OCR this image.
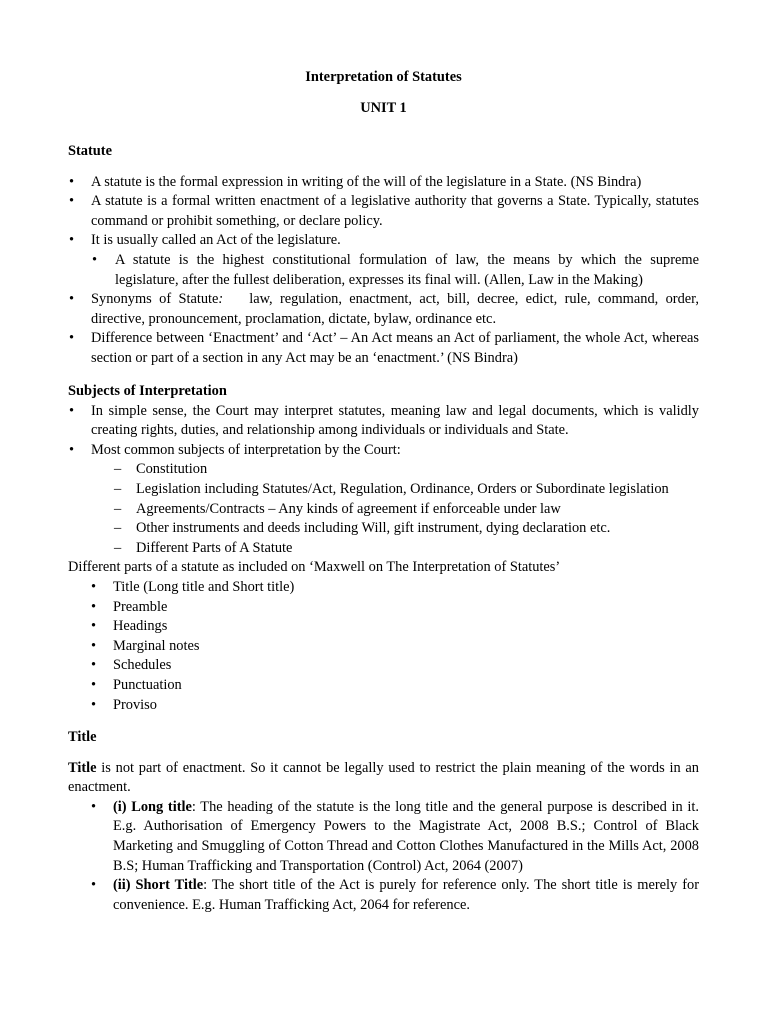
Interpretation of Statutes
UNIT 1
Statute
• A statute is the formal expression in writing of the will of the legislature in a State. (NS Bindra)
• A statute is a formal written enactment of a legislative authority that governs a State. Typically, statutes command or prohibit something, or declare policy.
• It is usually called an Act of the legislature.
• A statute is the highest constitutional formulation of law, the means by which the supreme legislature, after the fullest deliberation, expresses its final will. (Allen, Law in the Making)
• Synonyms of Statute: law, regulation, enactment, act, bill, decree, edict, rule, command, order, directive, pronouncement, proclamation, dictate, bylaw, ordinance etc.
• Difference between ‘Enactment’ and ‘Act’ – An Act means an Act of parliament, the whole Act, whereas section or part of a section in any Act may be an ‘enactment.’ (NS Bindra)
Subjects of Interpretation
• In simple sense, the Court may interpret statutes, meaning law and legal documents, which is validly creating rights, duties, and relationship among individuals or individuals and State.
• Most common subjects of interpretation by the Court:
– Constitution
– Legislation including Statutes/Act, Regulation, Ordinance, Orders or Subordinate legislation
– Agreements/Contracts – Any kinds of agreement if enforceable under law
– Other instruments and deeds including Will, gift instrument, dying declaration etc.
– Different Parts of A Statute

Different parts of a statute as included on ‘Maxwell on The Interpretation of Statutes’

• Title (Long title and Short title)
• Preamble
• Headings
• Marginal notes
• Schedules
• Punctuation
• Proviso
Title

Title is not part of enactment. So it cannot be legally used to restrict the plain meaning of the words in an enactment.

• (i) Long title: The heading of the statute is the long title and the general purpose is described in it. E.g. Authorisation of Emergency Powers to the Magistrate Act, 2008 B.S.; Control of Black Marketing and Smuggling of Cotton Thread and Cotton Clothes Manufactured in the Mills Act, 2008 B.S; Human Trafficking and Transportation (Control) Act, 2064 (2007)
• (ii) Short Title: The short title of the Act is purely for reference only. The short title is merely for convenience. E.g. Human Trafficking Act, 2064 for reference.
